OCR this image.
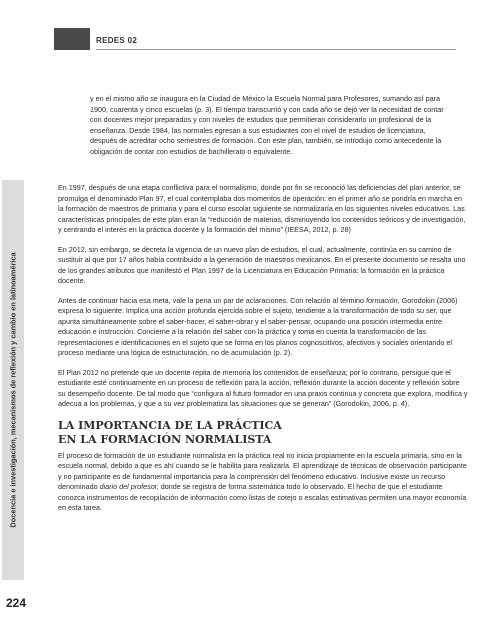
REDES 02
Docencia e investigación, mecanismos de reflexión y cambio en latinoamérica

y en el mismo año se inaugura en la Ciudad de México la Escuela Normal para Profesores, sumando así para 1900, cuarenta y cinco escuelas (p. 3). El tiempo transcurrió y con cada año se dejó ver la necesidad de contar con docentes mejor preparados y con niveles de estudios que permitieran considerarlo un profesional de la enseñanza. Desde 1984, las normales egresan a sus estudiantes con el nivel de estudios de licenciatura, después de acreditar ocho semestres de formación. Con este plan, también, se introdujo como antecedente la obligación de contar con estudios de bachillerato o equivalente.

En 1997, después de una etapa conflictiva para el normalismo, donde por fin se reconoció las deficiencias del plan anterior, se promulga el denominado Plan 97, el cual contemplaba dos momentos de operación: en el primer año se pondría en marcha en la formación de maestros de primaria y para el curso escolar siguiente se normalizaría en los siguientes niveles educativos. Las características principales de este plan eran la “reducción de materias, disminuyendo los contenidos teóricos y de investigación, y centrando el interés en la práctica docente y la formación del mismo” (IEESA, 2012, p. 28)

En 2012, sin embargo, se decreta la vigencia de un nuevo plan de estudios, el cual, actualmente, continúa en su camino de sustituir al que por 17 años había contribuido a la generación de maestros mexicanos. En el presente documento se resalta uno de los grandes atributos que manifestó el Plan 1997 de la Licenciatura en Educación Primaria: la formación en la práctica docente.

Antes de continuar hacia esa meta, vale la pena un par de aclaraciones. Con relación al término formación, Gorodokin (2006) expresa lo siguiente: Implica una acción profunda ejercida sobre el sujeto, tendiente a la transformación de todo su ser, que apunta simultáneamente sobre el saber-hacer, el saber-obrar y el saber-pensar, ocupando una posición intermedia entre educación e instrucción. Concierne a la relación del saber con la práctica y toma en cuenta la transformación de las representaciones e identificaciones en el sujeto que se forma en los planos cognoscitivos, afectivos y sociales orientando el proceso mediante una lógica de estructuración, no de acumulación (p. 2).

El Plan 2012 no pretende que un docente repita de memoria los contenidos de enseñanza; por lo contrario, persigue que el estudiante esté continuamente en un proceso de reflexión para la acción, reflexión durante la acción docente y reflexión sobre su desempeño docente. De tal modo que “configura al futuro formador en una praxis continua y concreta que explora, modifica y adecua a los problemas, y que a su vez problematiza las situaciones que se generan” (Gorodokin, 2006, p. 4).

LA IMPORTANCIA DE LA PRÁCTICA
EN LA FORMACIÓN NORMALISTA

El proceso de formación de un estudiante normalista en la práctica real no inicia propiamente en la escuela primaria, sino en la escuela normal, debido a que es ahí cuando se le habilita para realizarla. El aprendizaje de técnicas de observación participante y no participante es de fundamental importancia para la comprensión del fenómeno educativo. Inclusive existe un recurso denominado diario del profesor, donde se registra de forma sistemática todo lo observado. El hecho de que el estudiante conozca instrumentos de recopilación de información como listas de cotejo o escalas estimativas permiten una mayor economía en esta tarea.

224
